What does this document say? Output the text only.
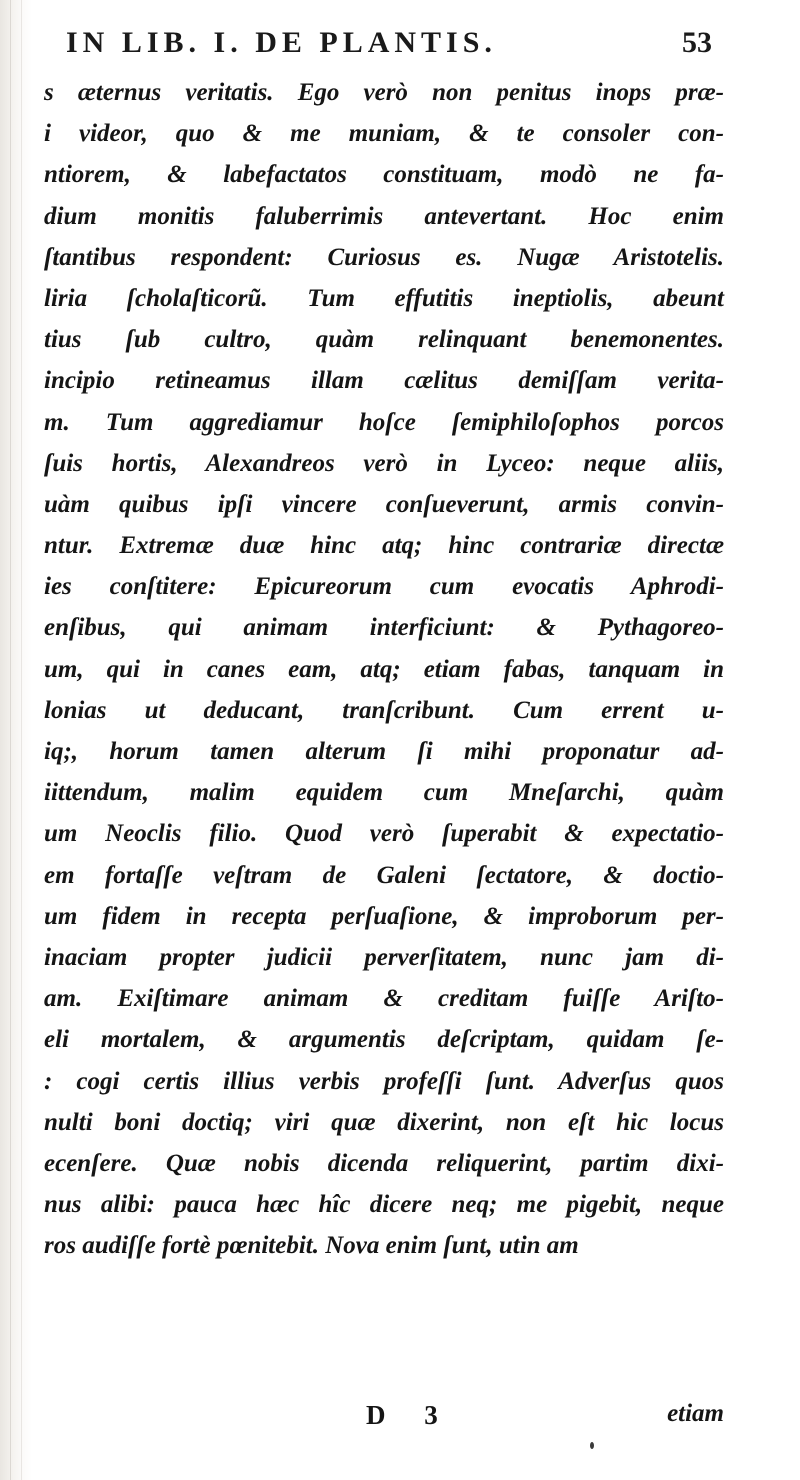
IN LIB. I. DE PLANTIS.	53
s æternus veritatis. Ego verò non penitus inops præ-
i videor, quo & me muniam, & te consoler con-
ntiorem, & labefactatos constituam, modò ne fa-
dium monitis faluberrimis antevertant. Hoc enim
ſtantibus respondent: Curiosus es. Nugæ Aristotelis.
liria ſcholaſticorũ. Tum effutitis ineptiolis, abeunt
tius ſub cultro, quàm relinquant benemonentes.
incipio retineamus illam cælitus demiſſam verita-
m. Tum aggrediamur hoſce ſemiphiloſophos porcos
ſuis hortis, Alexandreos verò in Lyceo: neque aliis,
uàm quibus ipſi vincere conſueverunt, armis convin-
ntur. Extremæ duæ hinc atq; hinc contrariæ directæ
ies conſtitere: Epicureorum cum evocatis Aphrodi-
enſibus, qui animam interficiunt: & Pythagoreo-
um, qui in canes eam, atq; etiam fabas, tanquam in
lonias ut deducant, tranſcribunt. Cum errent u-
iq;, horum tamen alterum ſi mihi proponatur ad-
iittendum, malim equidem cum Mneſarchi, quàm
um Neoclis filio. Quod verò ſuperabit & expectatio-
em fortaſſe veſtram de Galeni ſectatore, & doctio-
um fidem in recepta perſuaſione, & improborum per-
inaciam propter judicii perverſitatem, nunc jam di-
am. Exiſtimare animam & creditam fuiſſe Ariſto-
eli mortalem, & argumentis deſcriptam, quidam ſe-
: cogi certis illius verbis profeſſi ſunt. Adverſus quos
nulti boni doctiq; viri quæ dixerint, non eſt hic locus
ecenſere. Quæ nobis dicenda reliquerint, partim dixi-
nus alibi: pauca hæc hîc dicere neq; me pigebit, neque
ros audiſſe fortè pœnitebit. Nova enim ſunt, utin am
D 3	etiam
